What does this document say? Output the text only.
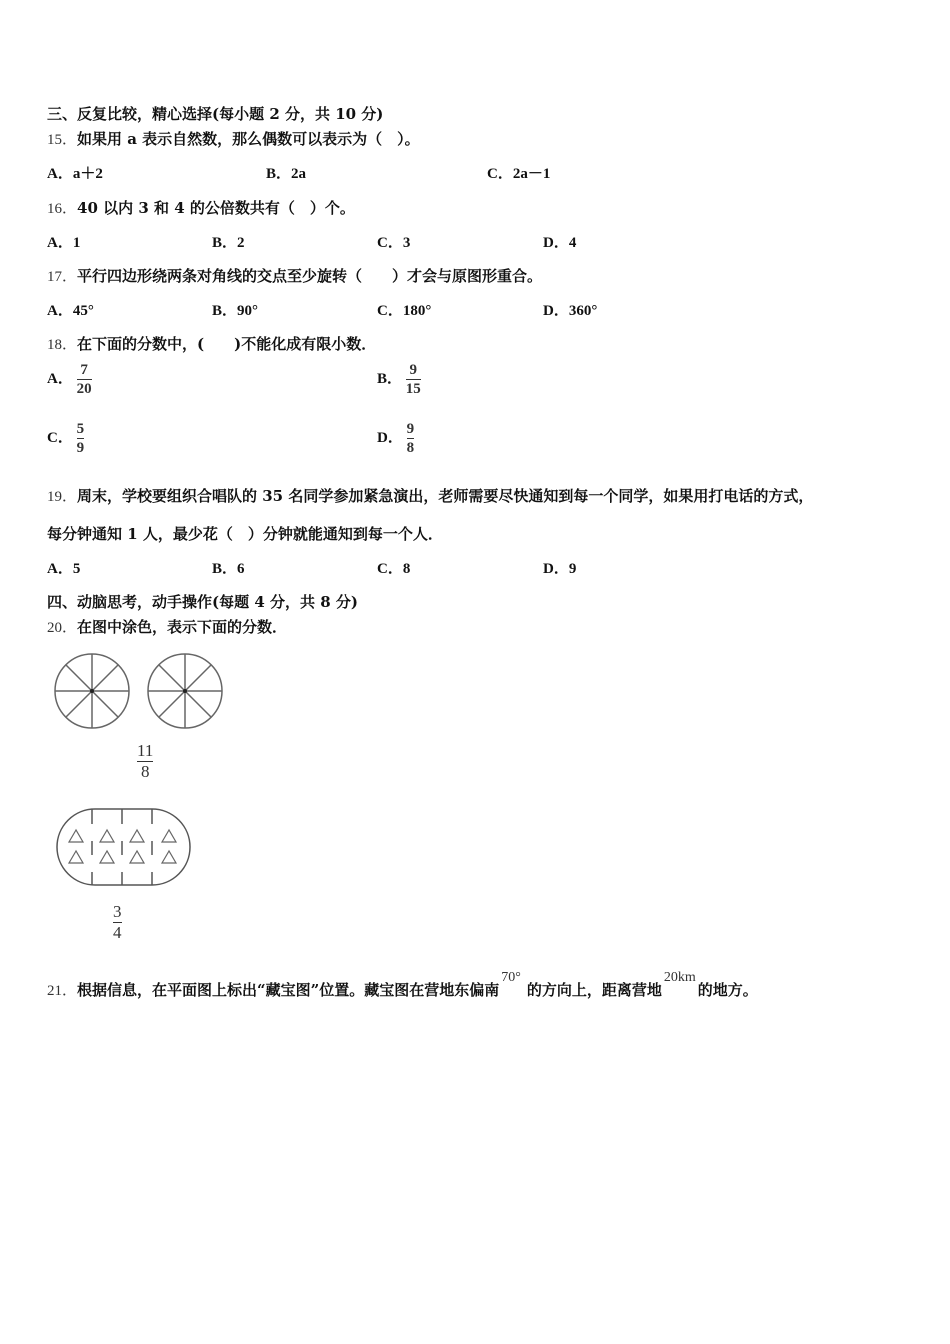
三、反复比较，精心选择(每小题 2 分，共 10 分)
15．如果用 a 表示自然数，那么偶数可以表示为（　）。
A．a＋2	B．2a	C．2a－1
16．40 以内 3 和 4 的公倍数共有（　）个。
A．1	B．2	C．3	D．4
17．平行四边形绕两条对角线的交点至少旋转（　　）才会与原图形重合。
A．45°	B．90°	C．180°	D．360°
18．在下面的分数中，(　　)不能化成有限小数．
A． $\frac{7}{20}$	B． $\frac{9}{15}$
C． $\frac{5}{9}$	D． $\frac{9}{8}$
19．周末，学校要组织合唱队的 35 名同学参加紧急演出，老师需要尽快通知到每一个同学，如果用打电话的方式，
每分钟通知 1 人，最少花（　）分钟就能通知到每一个人．
A．5	B．6	C．8	D．9
四、动脑思考，动手操作(每题 4 分，共 8 分)
20．在图中涂色，表示下面的分数．
$\frac{11}{8}$
$\frac{3}{4}$
21．根据信息，在平面图上标出“藏宝图”位置。藏宝图在营地东偏南70°的方向上，距离营地20km的地方。
